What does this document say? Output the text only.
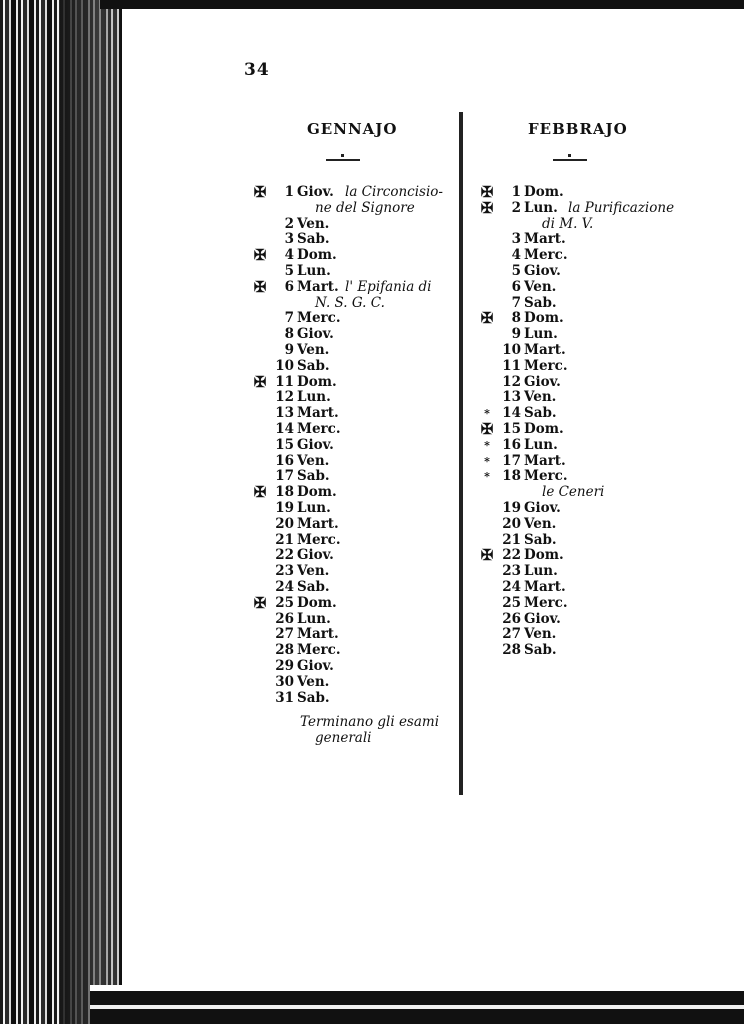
34
GENNAJO	FEBBRAJO
✠	1 Giov. la Circoncisio-
ne del Signore
2 Ven.
3 Sab.
✠	4 Dom.
5 Lun.
✠	6 Mart. l' Epifania di
N. S. G. C.
7 Merc.
8 Giov.
9 Ven.
10 Sab.
✠ 11 Dom.
12 Lun.
13 Mart.
14 Merc.
15 Giov.
16 Ven.
17 Sab.
✠ 18 Dom.
19 Lun.
20 Mart.
21 Merc.
22 Giov.
23 Ven.
24 Sab.
✠ 25 Dom.
26 Lun.
27 Mart.
28 Merc.
29 Giov.
30 Ven.
31 Sab.
✠	1 Dom.
✠	2 Lun. la Purificazione
di M. V.
3 Mart.
4 Merc.
5 Giov.
6 Ven.
7 Sab.
✠	8 Dom.
9 Lun.
10 Mart.
11 Merc.
12 Giov.
13 Ven.
* 14 Sab.
✠ 15 Dom.
* 16 Lun.
* 17 Mart.
* 18 Merc.
le Ceneri
19 Giov.
20 Ven.
21 Sab.
✠ 22 Dom.
23 Lun.
24 Mart.
25 Merc.
26 Giov.
27 Ven.
28 Sab.
Terminano gli esami
generali
